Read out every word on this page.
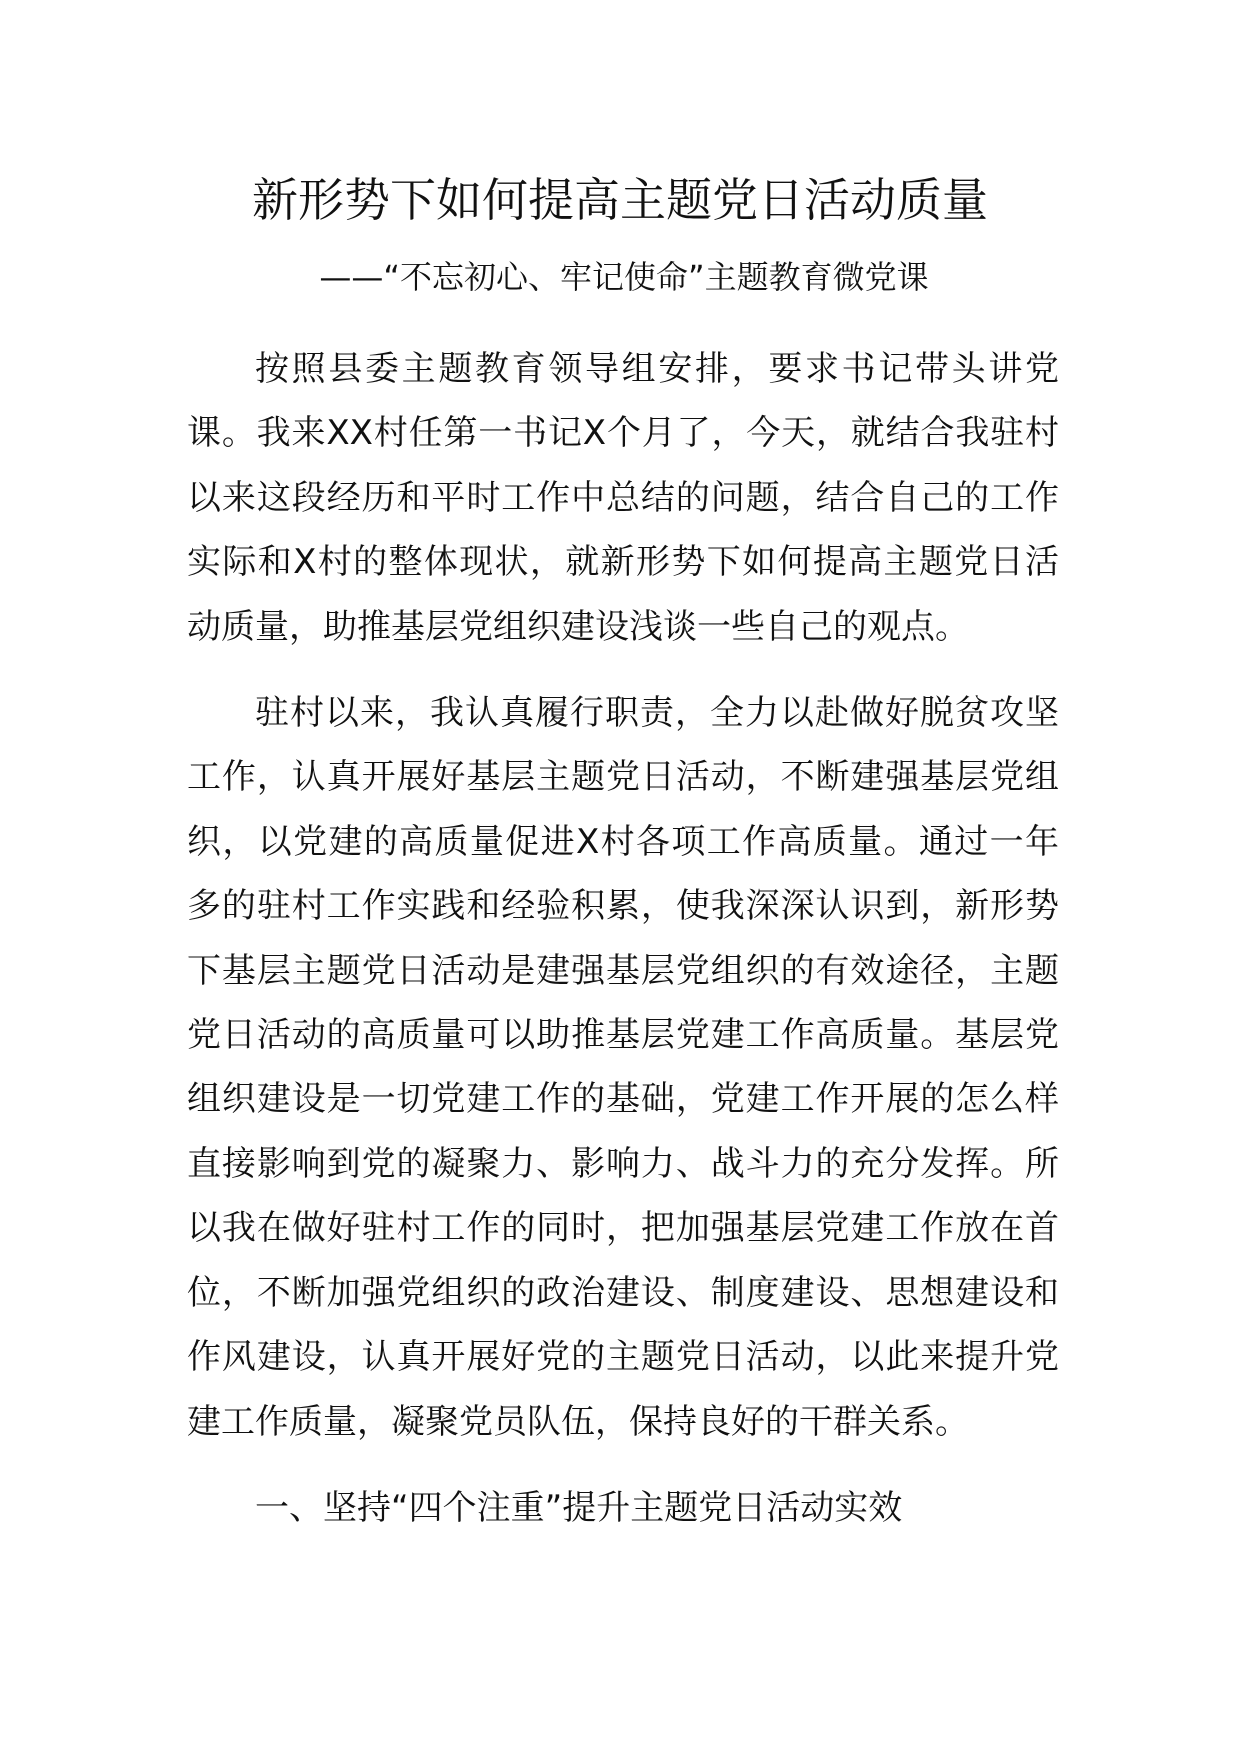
新形势下如何提高主题党日活动质量

——“不忘初心、牢记使命”主题教育微党课

按照县委主题教育领导组安排，要求书记带头讲党课。我来XX村任第一书记X个月了，今天，就结合我驻村以来这段经历和平时工作中总结的问题，结合自己的工作实际和X村的整体现状，就新形势下如何提高主题党日活动质量，助推基层党组织建设浅谈一些自己的观点。

驻村以来，我认真履行职责，全力以赴做好脱贫攻坚工作，认真开展好基层主题党日活动，不断建强基层党组织，以党建的高质量促进X村各项工作高质量。通过一年多的驻村工作实践和经验积累，使我深深认识到，新形势下基层主题党日活动是建强基层党组织的有效途径，主题党日活动的高质量可以助推基层党建工作高质量。基层党组织建设是一切党建工作的基础，党建工作开展的怎么样直接影响到党的凝聚力、影响力、战斗力的充分发挥。所以我在做好驻村工作的同时，把加强基层党建工作放在首位，不断加强党组织的政治建设、制度建设、思想建设和作风建设，认真开展好党的主题党日活动，以此来提升党建工作质量，凝聚党员队伍，保持良好的干群关系。

一、坚持“四个注重”提升主题党日活动实效
